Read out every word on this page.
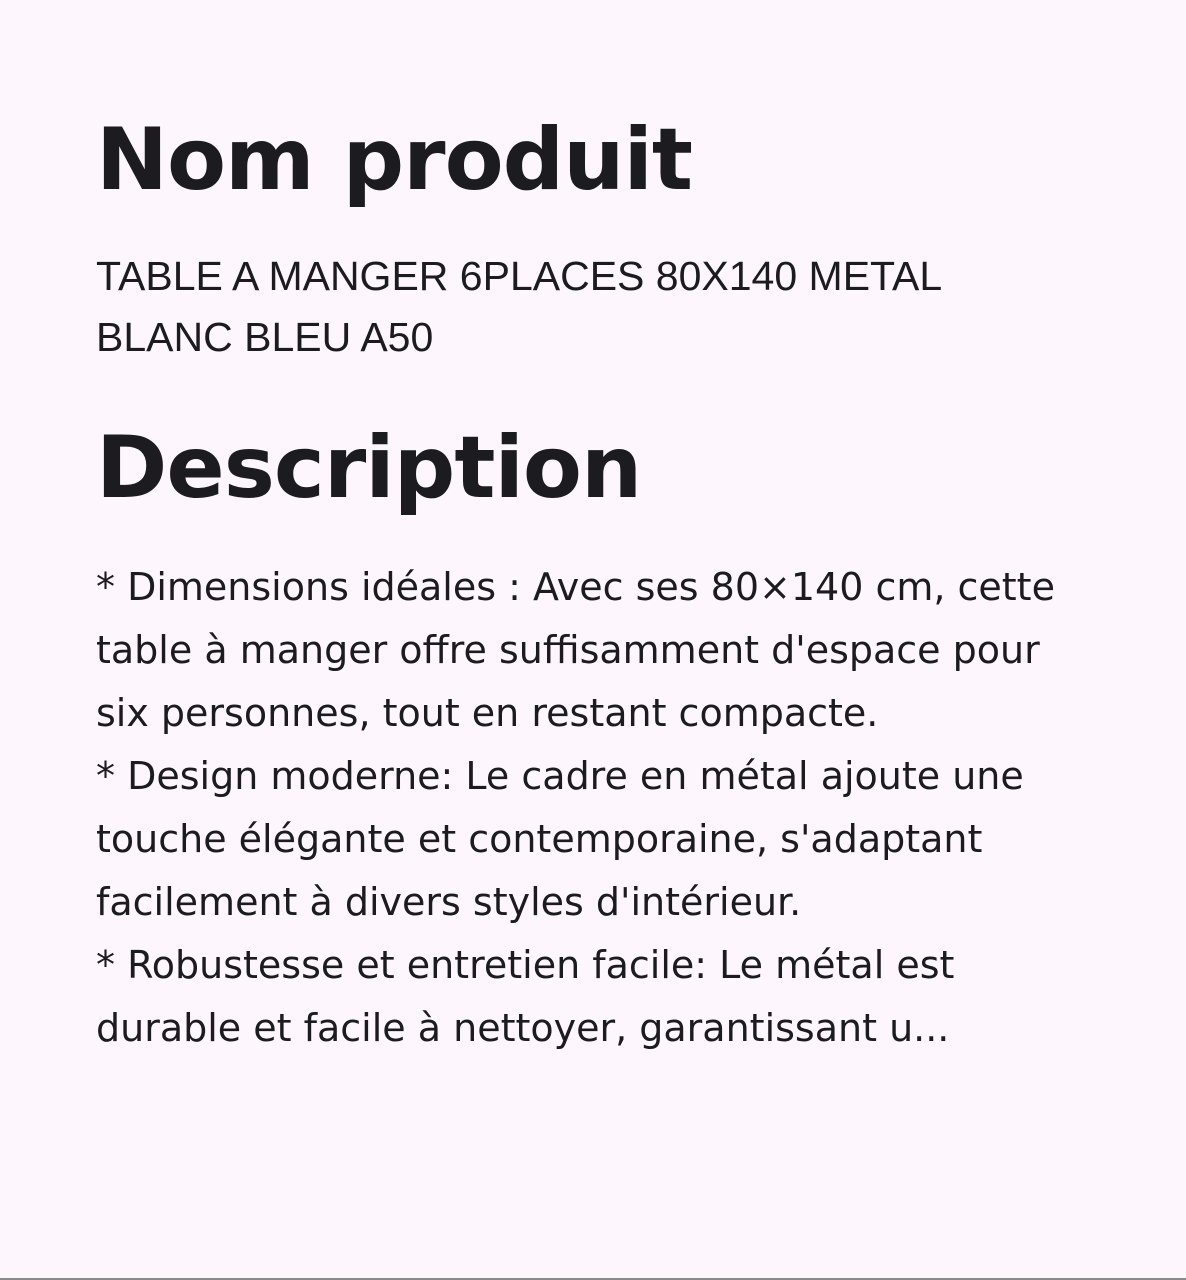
Nom produit
TABLE A MANGER 6PLACES 80X140 METAL BLANC BLEU A50
Description
* Dimensions idéales : Avec ses 80×140 cm, cette table à manger offre suffisamment d'espace pour six personnes, tout en restant compacte.
* Design moderne: Le cadre en métal ajoute une touche élégante et contemporaine, s'adaptant facilement à divers styles d'intérieur.
* Robustesse et entretien facile: Le métal est durable et facile à nettoyer, garantissant u...
